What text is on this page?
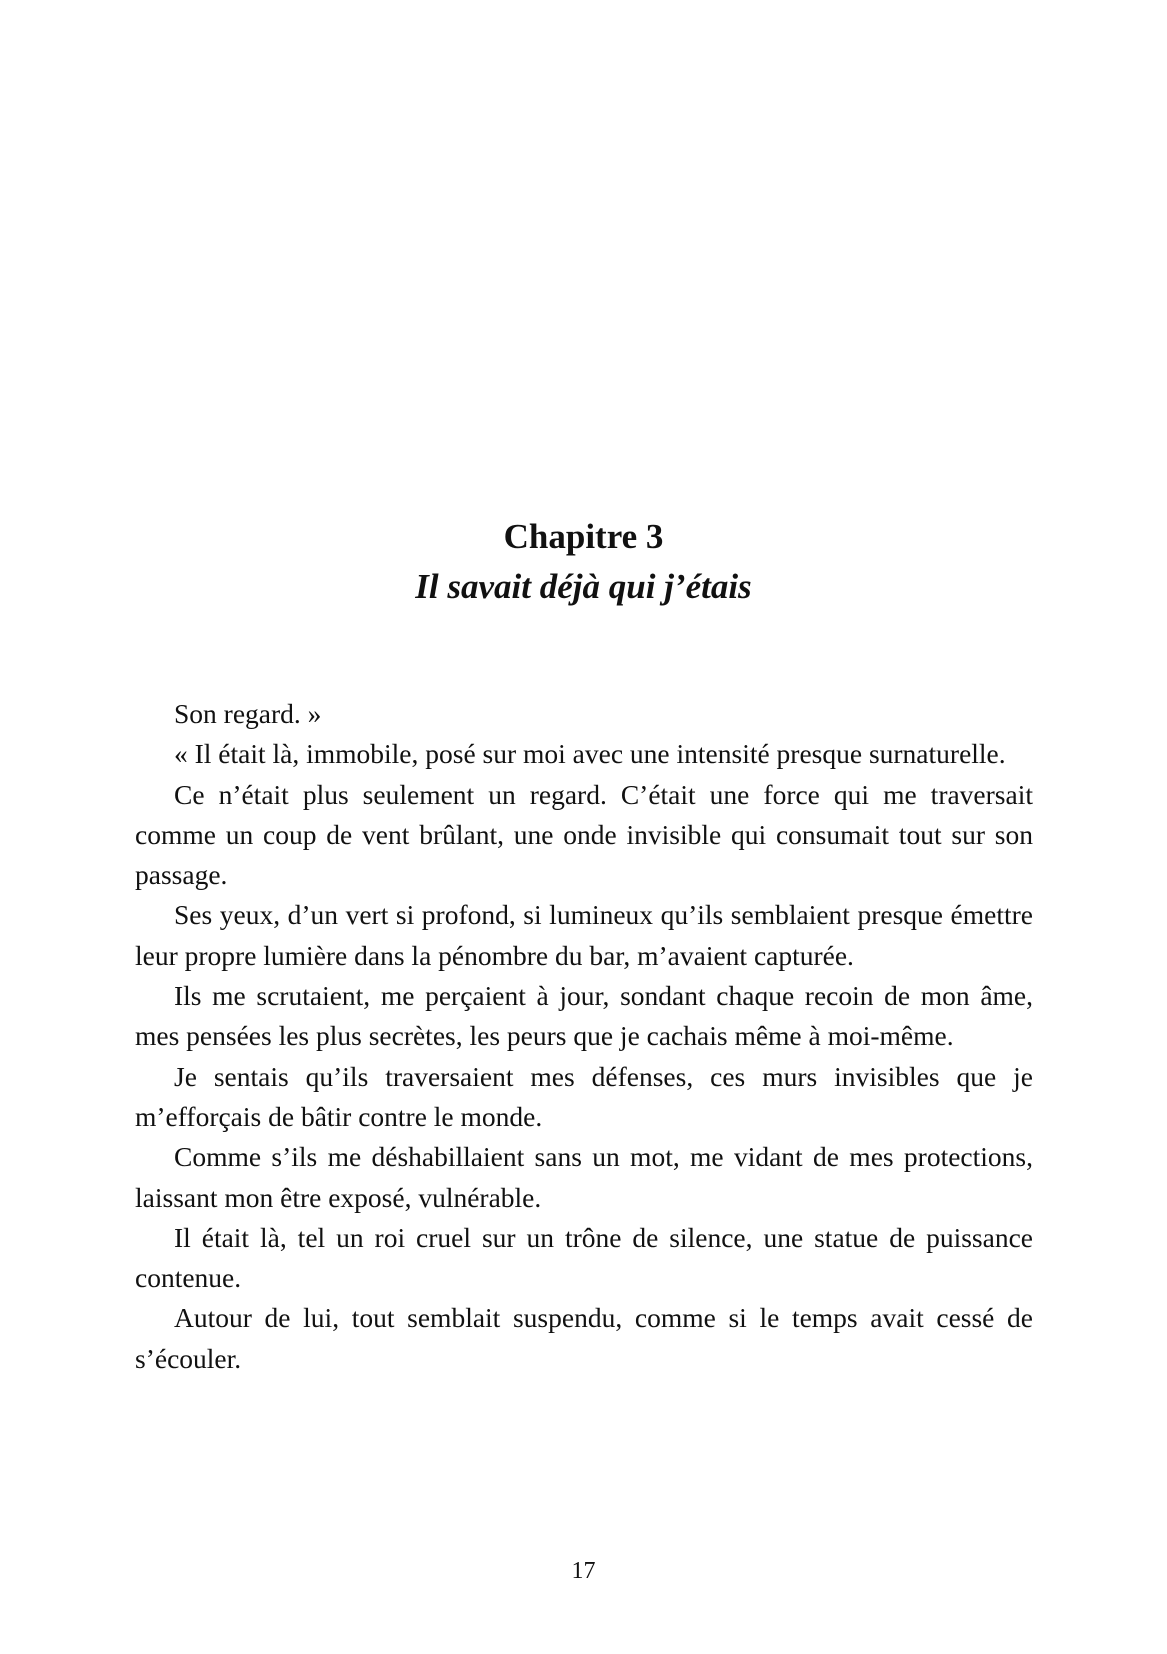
Chapitre 3
Il savait déjà qui j’étais

Son regard. »

« Il était là, immobile, posé sur moi avec une intensité presque surnaturelle.

Ce n’était plus seulement un regard. C’était une force qui me traversait comme un coup de vent brûlant, une onde invisible qui consumait tout sur son passage.

Ses yeux, d’un vert si profond, si lumineux qu’ils semblaient presque émettre leur propre lumière dans la pénombre du bar, m’avaient capturée.

Ils me scrutaient, me perçaient à jour, sondant chaque recoin de mon âme, mes pensées les plus secrètes, les peurs que je cachais même à moi-même.

Je sentais qu’ils traversaient mes défenses, ces murs invisibles que je m’efforçais de bâtir contre le monde.

Comme s’ils me déshabillaient sans un mot, me vidant de mes protections, laissant mon être exposé, vulnérable.

Il était là, tel un roi cruel sur un trône de silence, une statue de puissance contenue.

Autour de lui, tout semblait suspendu, comme si le temps avait cessé de s’écouler.

17
